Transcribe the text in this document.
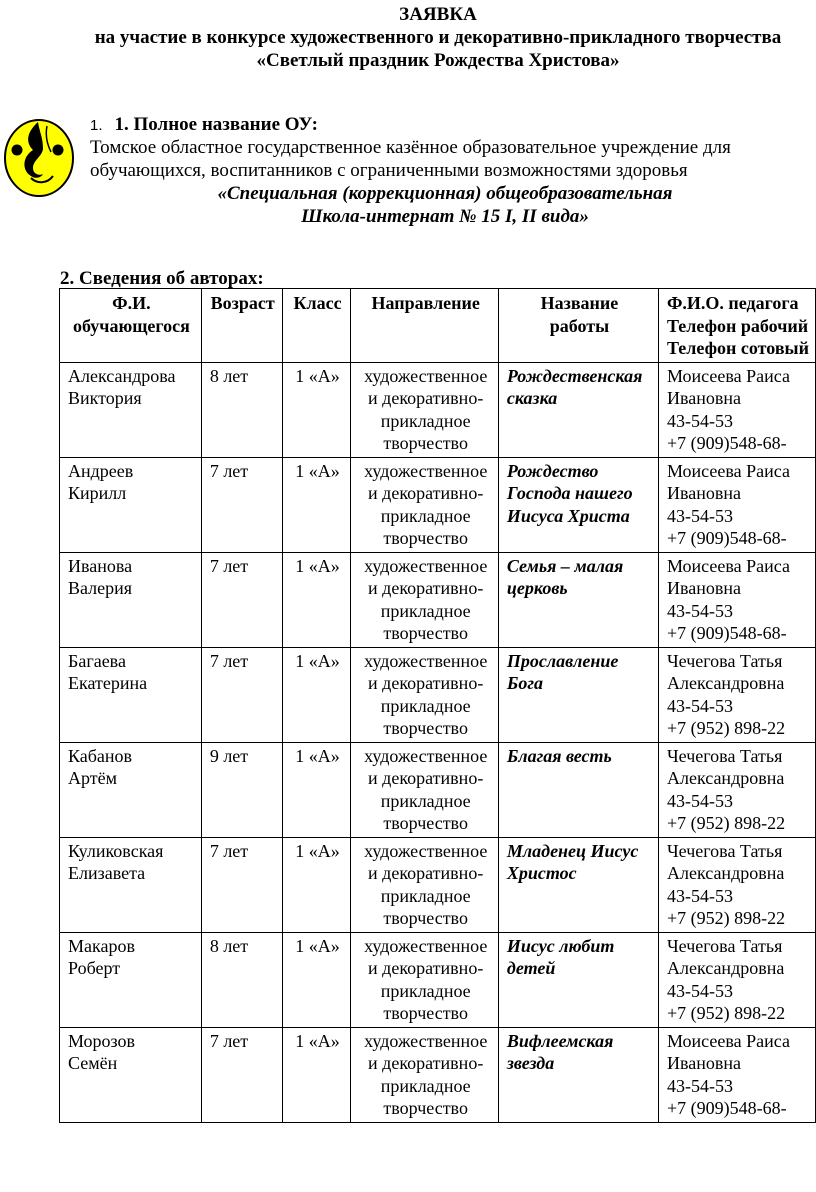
ЗАЯВКА
на участие в конкурсе художественного и декоративно-прикладного творчества
«Светлый праздник Рождества Христова»
1. 1. Полное название ОУ:
Томское областное государственное казённое образовательное учреждение для
обучающихся, воспитанников с ограниченными возможностями здоровья
«Специальная (коррекционная) общеобразовательная
Школа-интернат № 15 I, II вида»
2. Сведения об авторах:
Ф.И.
обучающегося	Возраст	Класс	Направление	Название
работы	Ф.И.О. педагога
Телефон рабочий
Телефон сотовый

Александрова
Виктория	8 лет	1 «А»	художественное
и декоративно-
прикладное
творчество	Рождественская
сказка	Моисеева Раиса
Ивановна
43-54-53
+7 (909)548-68-

Андреев
Кирилл	7 лет	1 «А»	художественное
и декоративно-
прикладное
творчество	Рождество
Господа нашего
Иисуса Христа	Моисеева Раиса
Ивановна
43-54-53
+7 (909)548-68-

Иванова
Валерия	7 лет	1 «А»	художественное
и декоративно-
прикладное
творчество	Семья – малая
церковь	Моисеева Раиса
Ивановна
43-54-53
+7 (909)548-68-

Багаева
Екатерина	7 лет	1 «А»	художественное
и декоративно-
прикладное
творчество	Прославление
Бога	Чечегова Татья
Александровна
43-54-53
+7 (952) 898-22

Кабанов
Артём	9 лет	1 «А»	художественное
и декоративно-
прикладное
творчество	Благая весть	Чечегова Татья
Александровна
43-54-53
+7 (952) 898-22

Куликовская
Елизавета	7 лет	1 «А»	художественное
и декоративно-
прикладное
творчество	Младенец Иисус
Христос	Чечегова Татья
Александровна
43-54-53
+7 (952) 898-22

Макаров
Роберт	8 лет	1 «А»	художественное
и декоративно-
прикладное
творчество	Иисус любит
детей	Чечегова Татья
Александровна
43-54-53
+7 (952) 898-22

Морозов
Семён	7 лет	1 «А»	художественное
и декоративно-
прикладное
творчество	Вифлеемская
звезда	Моисеева Раиса
Ивановна
43-54-53
+7 (909)548-68-
